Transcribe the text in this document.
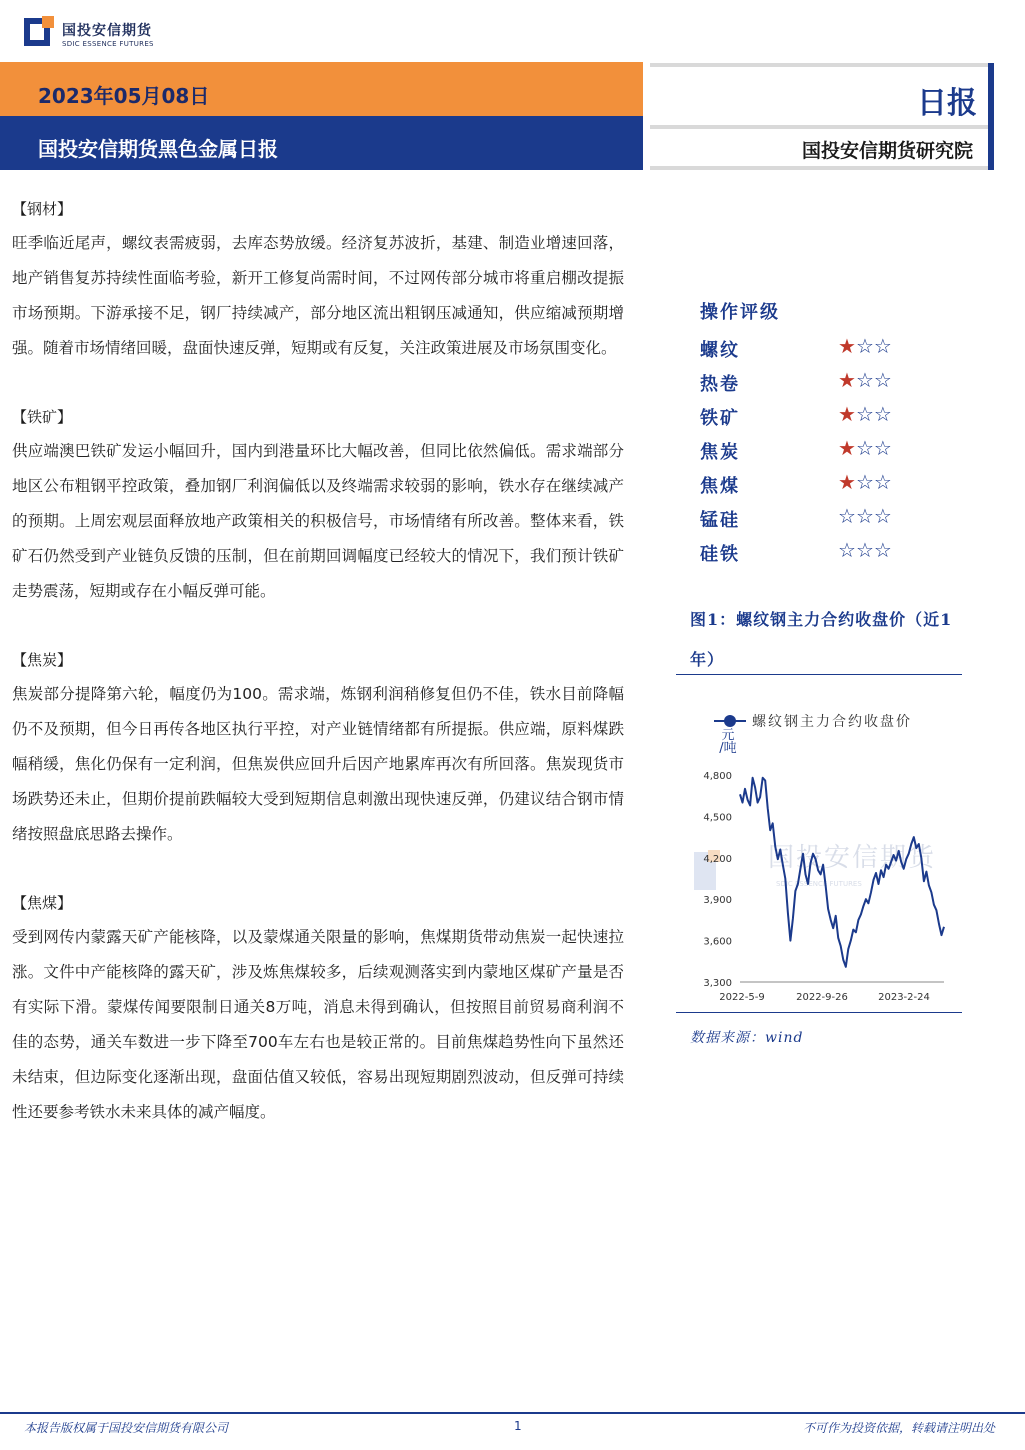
国投安信期货
SDIC ESSENCE FUTURES
2023年05月08日
国投安信期货黑色金属日报
日报
国投安信期货研究院
【钢材】
旺季临近尾声，螺纹表需疲弱，去库态势放缓。经济复苏波折，基建、制造业增速回落，地产销售复苏持续性面临考验，新开工修复尚需时间，不过网传部分城市将重启棚改提振市场预期。下游承接不足，钢厂持续减产，部分地区流出粗钢压减通知，供应缩减预期增强。随着市场情绪回暖，盘面快速反弹，短期或有反复，关注政策进展及市场氛围变化。
【铁矿】
供应端澳巴铁矿发运小幅回升，国内到港量环比大幅改善，但同比依然偏低。需求端部分地区公布粗钢平控政策，叠加钢厂利润偏低以及终端需求较弱的影响，铁水存在继续减产的预期。上周宏观层面释放地产政策相关的积极信号，市场情绪有所改善。整体来看，铁矿石仍然受到产业链负反馈的压制，但在前期回调幅度已经较大的情况下，我们预计铁矿走势震荡，短期或存在小幅反弹可能。
【焦炭】
焦炭部分提降第六轮，幅度仍为100。需求端，炼钢利润稍修复但仍不佳，铁水目前降幅仍不及预期，但今日再传各地区执行平控，对产业链情绪都有所提振。供应端，原料煤跌幅稍缓，焦化仍保有一定利润，但焦炭供应回升后因产地累库再次有所回落。焦炭现货市场跌势还未止，但期价提前跌幅较大受到短期信息刺激出现快速反弹，仍建议结合钢市情绪按照盘底思路去操作。
【焦煤】
受到网传内蒙露天矿产能核降，以及蒙煤通关限量的影响，焦煤期货带动焦炭一起快速拉涨。文件中产能核降的露天矿，涉及炼焦煤较多，后续观测落实到内蒙地区煤矿产量是否有实际下滑。蒙煤传闻要限制日通关8万吨，消息未得到确认，但按照目前贸易商利润不佳的态势，通关车数进一步下降至700车左右也是较正常的。目前焦煤趋势性向下虽然还未结束，但边际变化逐渐出现，盘面估值又较低，容易出现短期剧烈波动，但反弹可持续性还要参考铁水未来具体的减产幅度。
操作评级
螺纹	★☆☆
热卷	★☆☆
铁矿	★☆☆
焦炭	★☆☆
焦煤	★☆☆
锰硅	☆☆☆
硅铁	☆☆☆
图1：螺纹钢主力合约收盘价（近1年）
国投安信期货
SDIC ESSENCE FUTURES
螺纹钢主力合约收盘价
元
/吨
4,800
4,500
4,200
3,900
3,600
3,300
2022-5-9	2022-9-26	2023-2-24
数据来源：wind
本报告版权属于国投安信期货有限公司	1	不可作为投资依据，转载请注明出处
